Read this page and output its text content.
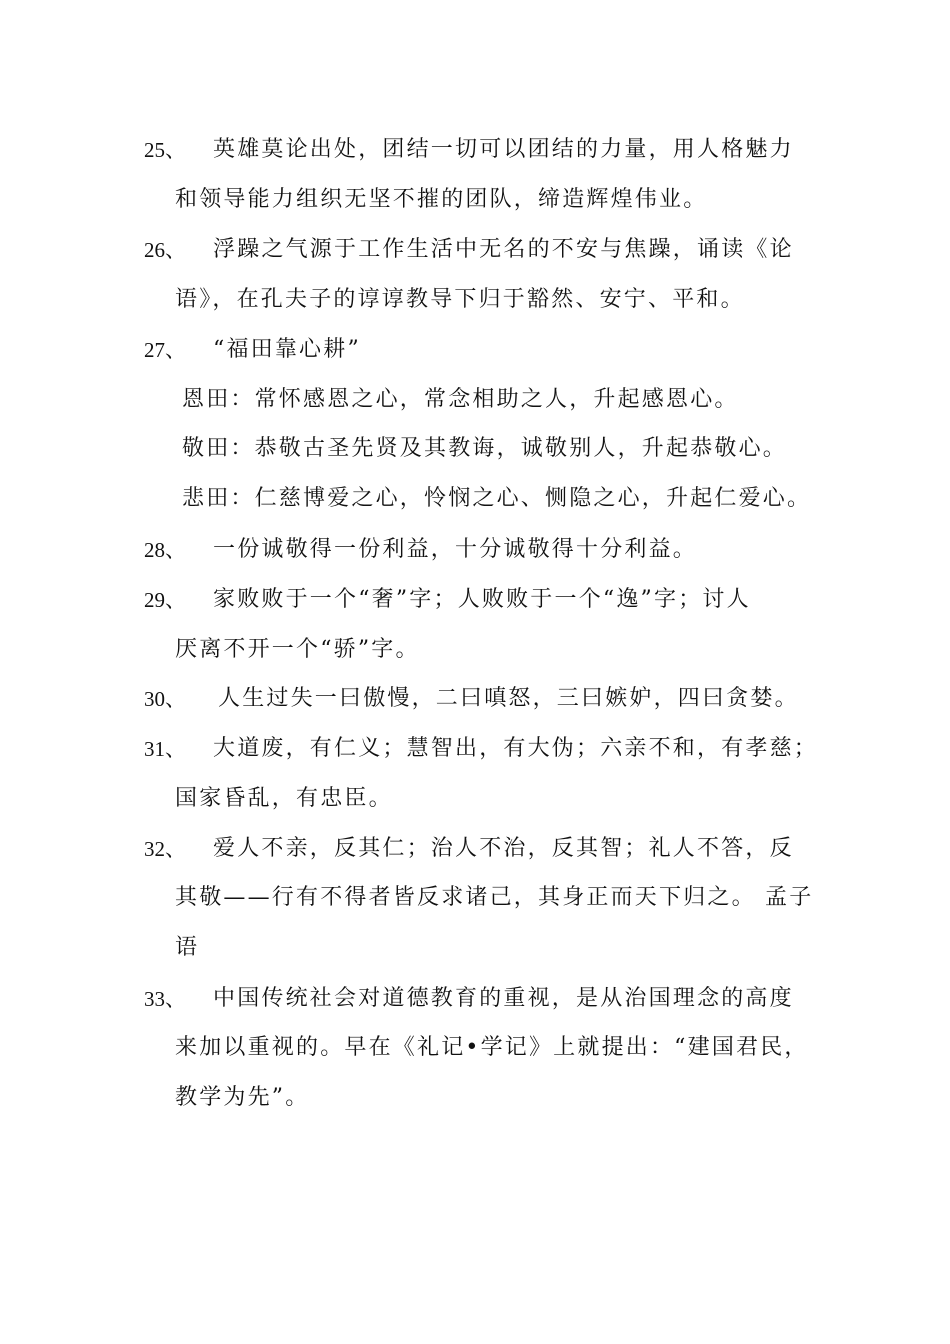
25、 英雄莫论出处，团结一切可以团结的力量，用人格魅力
和领导能力组织无坚不摧的团队，缔造辉煌伟业。
26、 浮躁之气源于工作生活中无名的不安与焦躁，诵读《论
语》，在孔夫子的谆谆教导下归于豁然、安宁、平和。
27、 “福田靠心耕”
恩田：常怀感恩之心，常念相助之人，升起感恩心。
敬田：恭敬古圣先贤及其教诲，诚敬别人，升起恭敬心。
悲田：仁慈博爱之心，怜悯之心、恻隐之心，升起仁爱心。
28、 一份诚敬得一份利益，十分诚敬得十分利益。
29、 家败败于一个“奢”字；人败败于一个“逸”字；讨人
厌离不开一个“骄”字。
30、 人生过失一曰傲慢，二曰嗔怒，三曰嫉妒，四曰贪婪。
31、 大道废，有仁义；慧智出，有大伪；六亲不和，有孝慈；
国家昏乱，有忠臣。
32、 爱人不亲，反其仁；治人不治，反其智；礼人不答，反
其敬——行有不得者皆反求诸己，其身正而天下归之。 孟子
语
33、 中国传统社会对道德教育的重视，是从治国理念的高度
来加以重视的。早在《礼记•学记》上就提出：“建国君民，
教学为先”。
